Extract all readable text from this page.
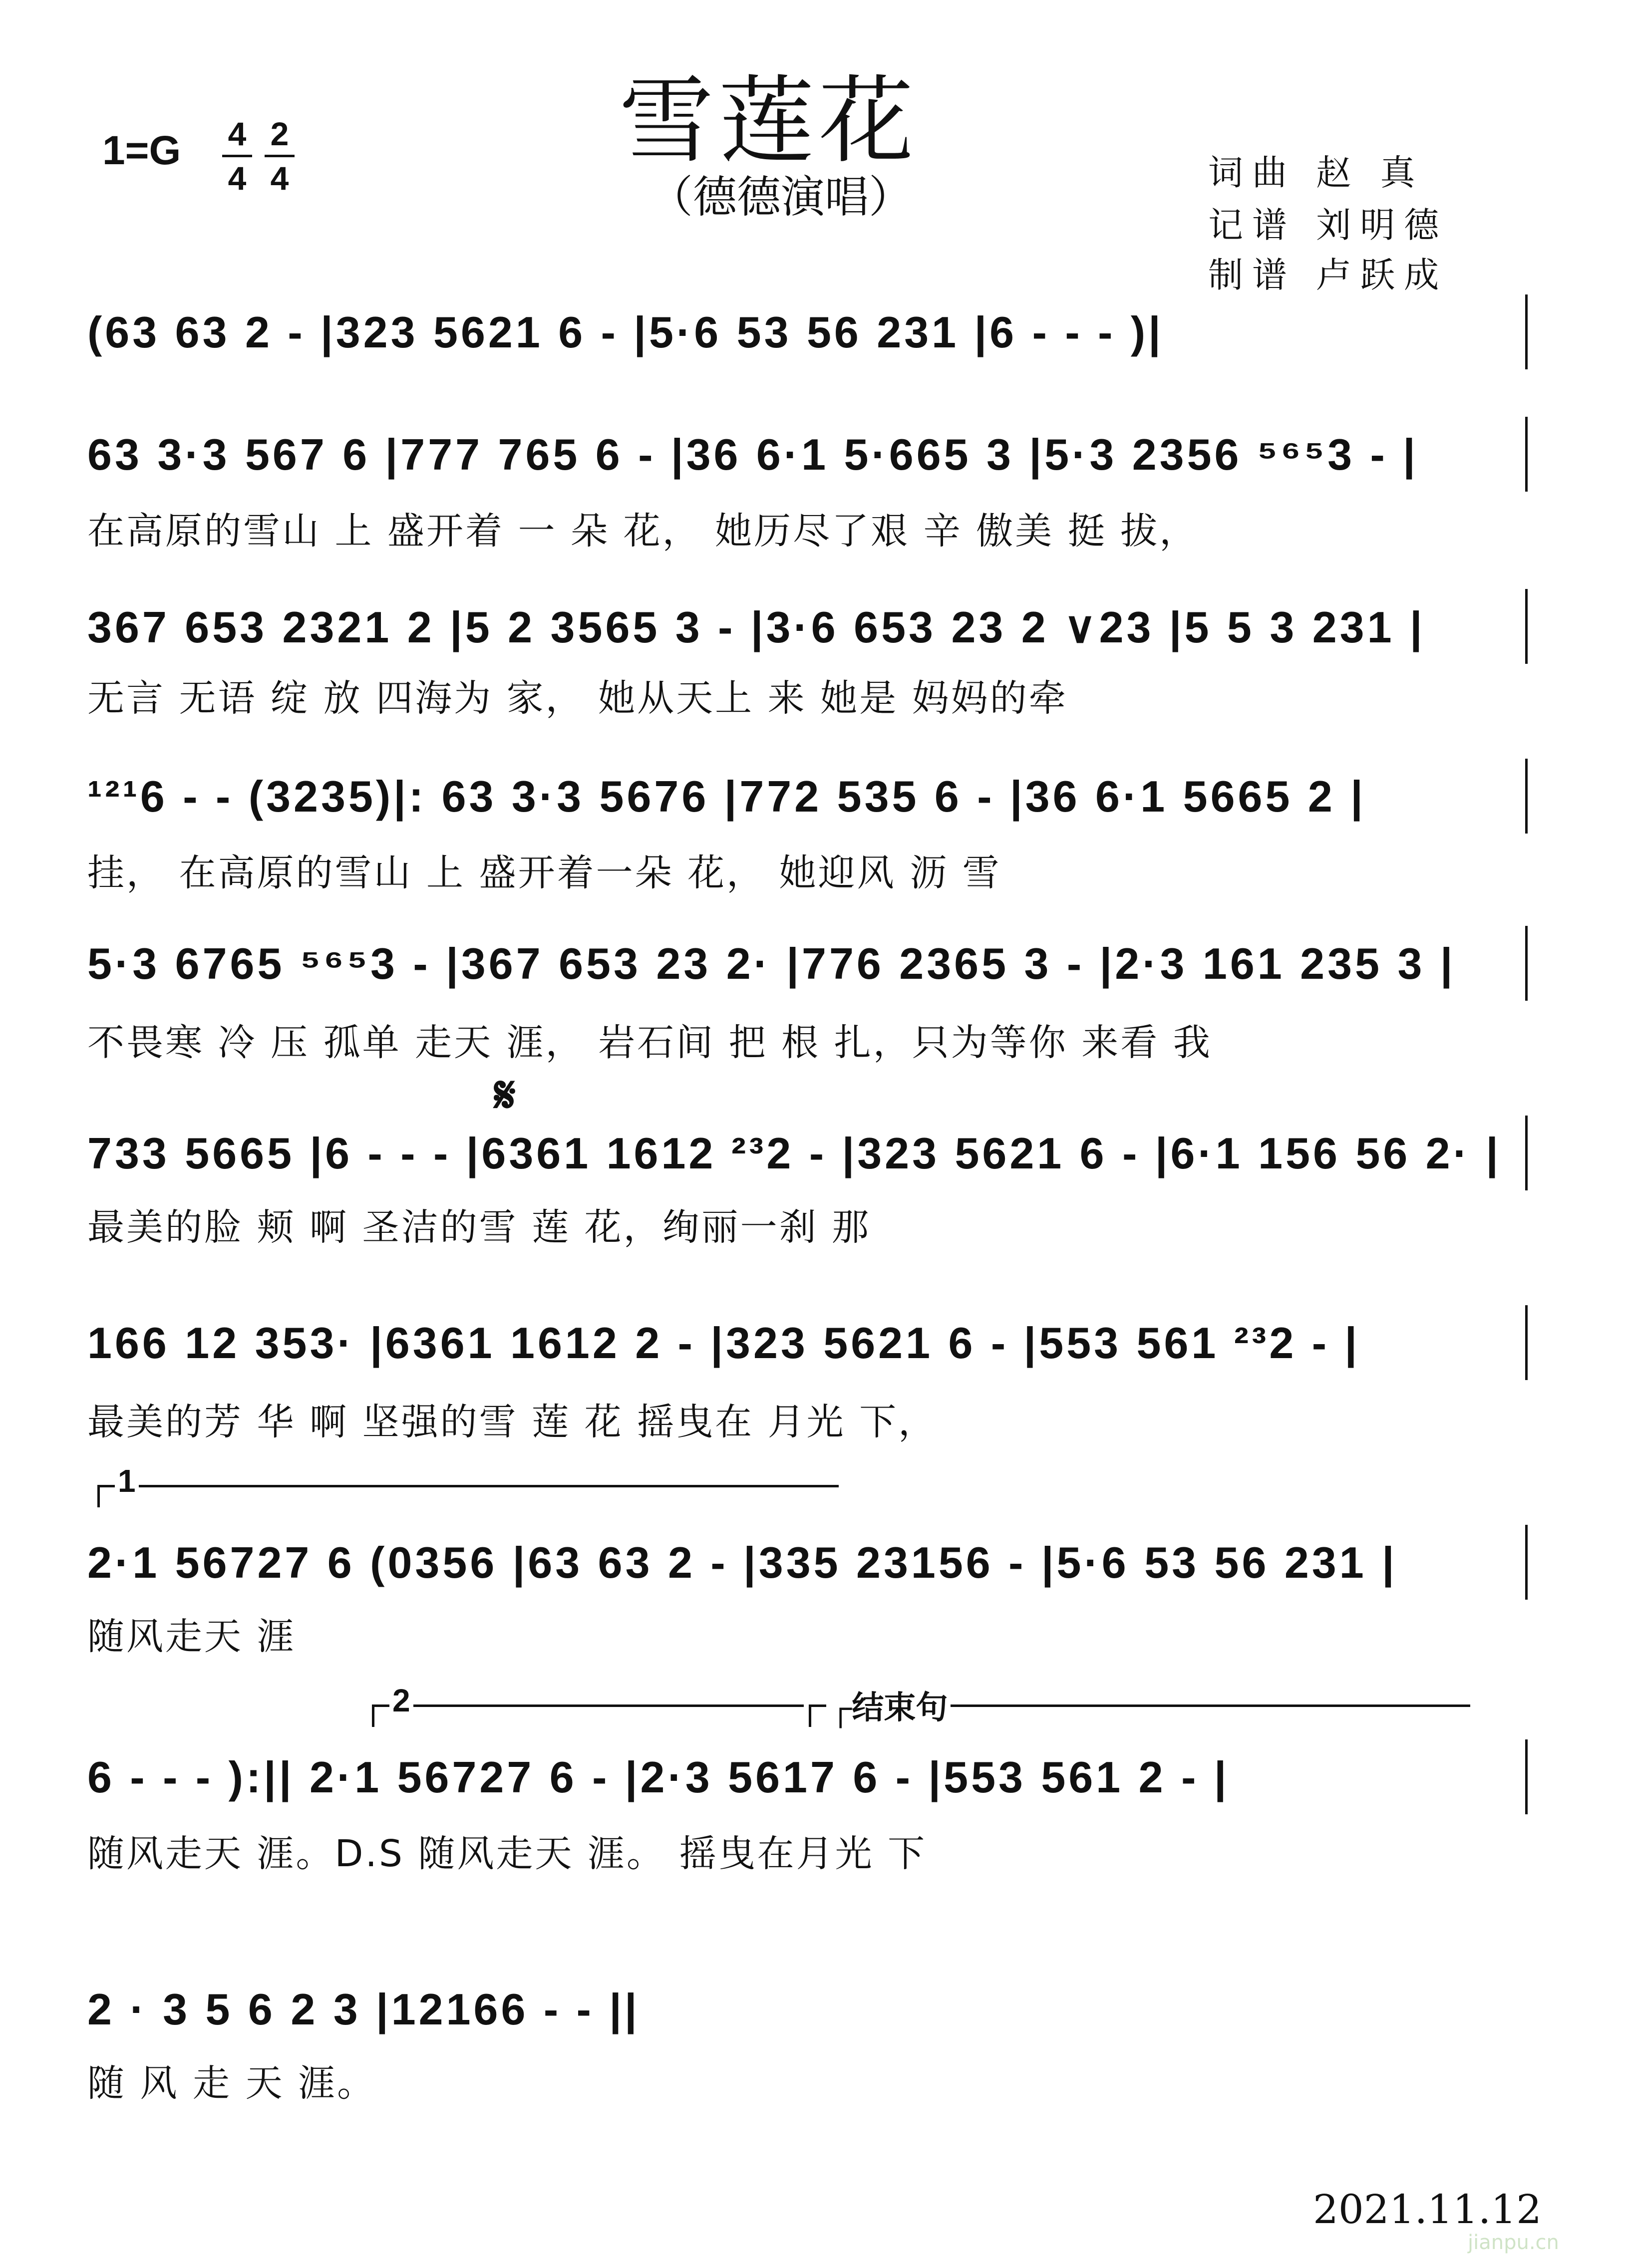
雪莲花
（德德演唱）
1=G 4
4
2
4	词曲 赵 真
记谱 刘明德
制谱 卢跃成
(63 63 2 - |323 5621 6 - |5·6 53 56 231 |6 - - - )|
63 3·3 567 6 |777 765 6 - |36 6·1 5·665 3 |5·3 2356 ⁵⁶⁵3 - |
在高原的雪山 上 盛开着 一 朵 花， 她历尽了艰 辛 傲美 挺 拔，
367 653 2321 2 |5 2 3565 3 - |3·6 653 23 2 ∨23 |5 5 3 231 |
无言 无语 绽 放 四海为 家， 她从天上 来 她是 妈妈的牵
¹²¹6 - - (3235)|: 63 3·3 5676 |772 535 6 - |36 6·1 5665 2 |
挂， 在高原的雪山 上 盛开着一朵 花， 她迎风 沥 雪
5·3 6765 ⁵⁶⁵3 - |367 653 23 2· |776 2365 3 - |2·3 161 235 3 |
不畏寒 冷 压 孤单 走天 涯， 岩石间 把 根 扎，只为等你 来看 我
𝄋
733 5665 |6 - - - |6361 1612 ²³2 - |323 5621 6 - |6·1 156 56 2· |
最美的脸 颊 啊 圣洁的雪 莲 花，绚丽一刹 那
166 12 353· |6361 1612 2 - |323 5621 6 - |553 561 ²³2 - |
最美的芳 华 啊 坚强的雪 莲 花 摇曳在 月光 下，
1
2·1 56727 6 (0356 |63 63 2 - |335 23156 - |5·6 53 56 231 |
随风走天 涯
2	┌结束句
6 - - - ):|| 2·1 56727 6 - |2·3 5617 6 - |553 561 2 - |
随风走天 涯。D.S 随风走天 涯。 摇曳在月光 下
2 · 3 5 6 2 3 |12166 - - ||
随 风 走 天 涯。
2021.11.12
jianpu.cn
